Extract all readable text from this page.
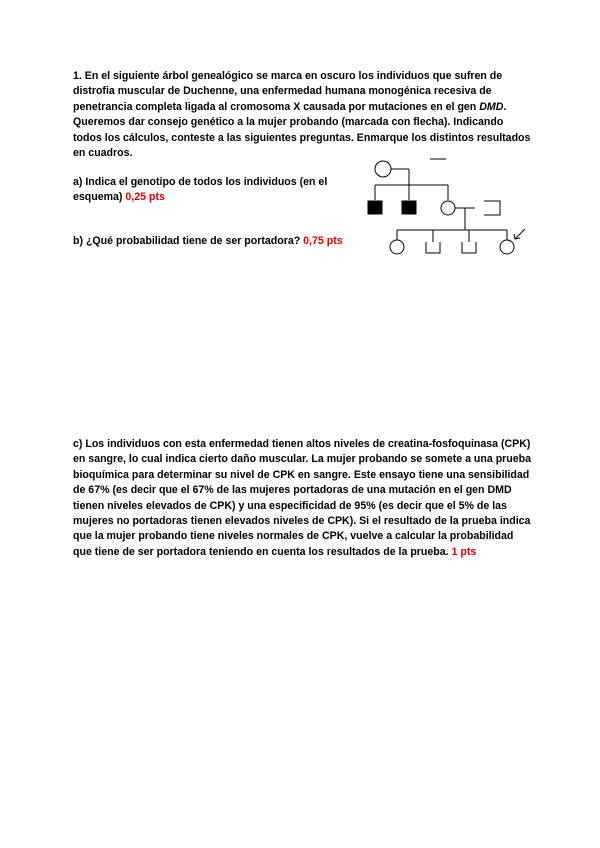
1. En el siguiente árbol genealógico se marca en oscuro los individuos que sufren de distrofia muscular de Duchenne, una enfermedad humana monogénica recesiva de penetrancia completa ligada al cromosoma X causada por mutaciones en el gen DMD. Queremos dar consejo genético a la mujer probando (marcada con flecha). Indicando todos los cálculos, conteste a las siguientes preguntas. Enmarque los distintos resultados en cuadros.

a) Indica el genotipo de todos los individuos (en el esquema) 0,25 pts

b) ¿Qué probabilidad tiene de ser portadora? 0,75 pts

c) Los individuos con esta enfermedad tienen altos niveles de creatina-fosfoquinasa (CPK) en sangre, lo cual indica cierto daño muscular. La mujer probando se somete a una prueba bioquímica para determinar su nivel de CPK en sangre. Este ensayo tiene una sensibilidad de 67% (es decir que el 67% de las mujeres portadoras de una mutación en el gen DMD tienen niveles elevados de CPK) y una especificidad de 95% (es decir que el 5% de las mujeres no portadoras tienen elevados niveles de CPK). Si el resultado de la prueba indica que la mujer probando tiene niveles normales de CPK, vuelve a calcular la probabilidad que tiene de ser portadora teniendo en cuenta los resultados de la prueba. 1 pts
